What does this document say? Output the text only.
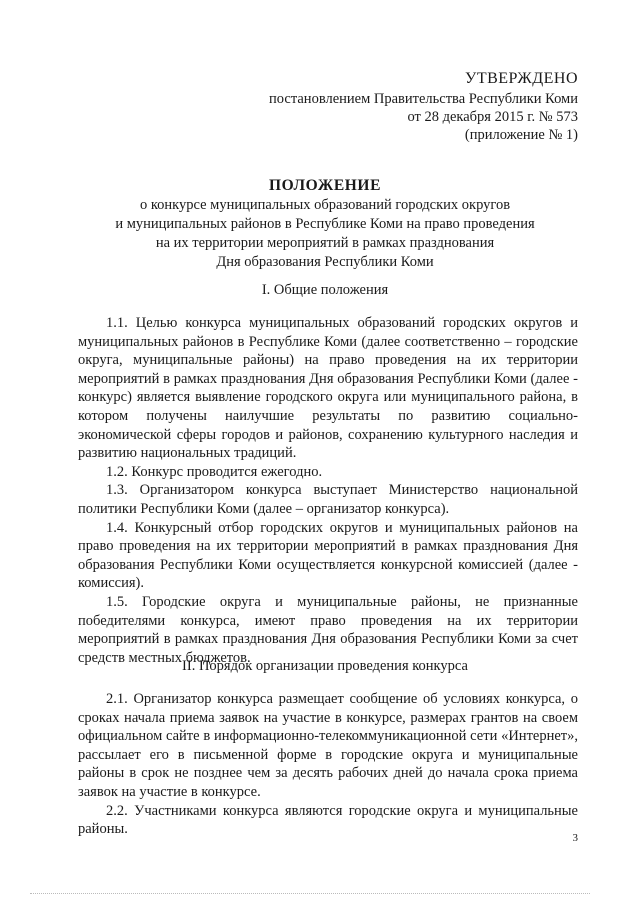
УТВЕРЖДЕНО
постановлением Правительства Республики Коми
от 28 декабря 2015 г. № 573
(приложение № 1)
ПОЛОЖЕНИЕ
о конкурсе муниципальных образований городских округов
и муниципальных районов в Республике Коми на право проведения
на их территории мероприятий в рамках празднования
Дня образования Республики Коми
I. Общие положения

1.1. Целью конкурса муниципальных образований городских округов и муниципальных районов в Республике Коми (далее соответственно – городские округа, муниципальные районы) на право проведения на их территории мероприятий в рамках празднования Дня образования Республики Коми (далее - конкурс) является выявление городского округа или муниципального района, в котором получены наилучшие результаты по развитию социально-экономической сферы городов и районов, сохранению культурного наследия и развитию национальных традиций.

1.2. Конкурс проводится ежегодно.

1.3. Организатором конкурса выступает Министерство национальной политики Республики Коми (далее – организатор конкурса).

1.4. Конкурсный отбор городских округов и муниципальных районов на право проведения на их территории мероприятий в рамках празднования Дня образования Республики Коми осуществляется конкурсной комиссией (далее - комиссия).

1.5. Городские округа и муниципальные районы, не признанные победителями конкурса, имеют право проведения на их территории мероприятий в рамках празднования Дня образования Республики Коми за счет средств местных бюджетов.

II. Порядок организации проведения конкурса

2.1. Организатор конкурса размещает сообщение об условиях конкурса, о сроках начала приема заявок на участие в конкурсе, размерах грантов на своем официальном сайте в информационно-телекоммуникационной сети «Интернет», рассылает его в письменной форме в городские округа и муниципальные районы в срок не позднее чем за десять рабочих дней до начала срока приема заявок на участие в конкурсе.

2.2. Участниками конкурса являются городские округа и муниципальные районы.

3
